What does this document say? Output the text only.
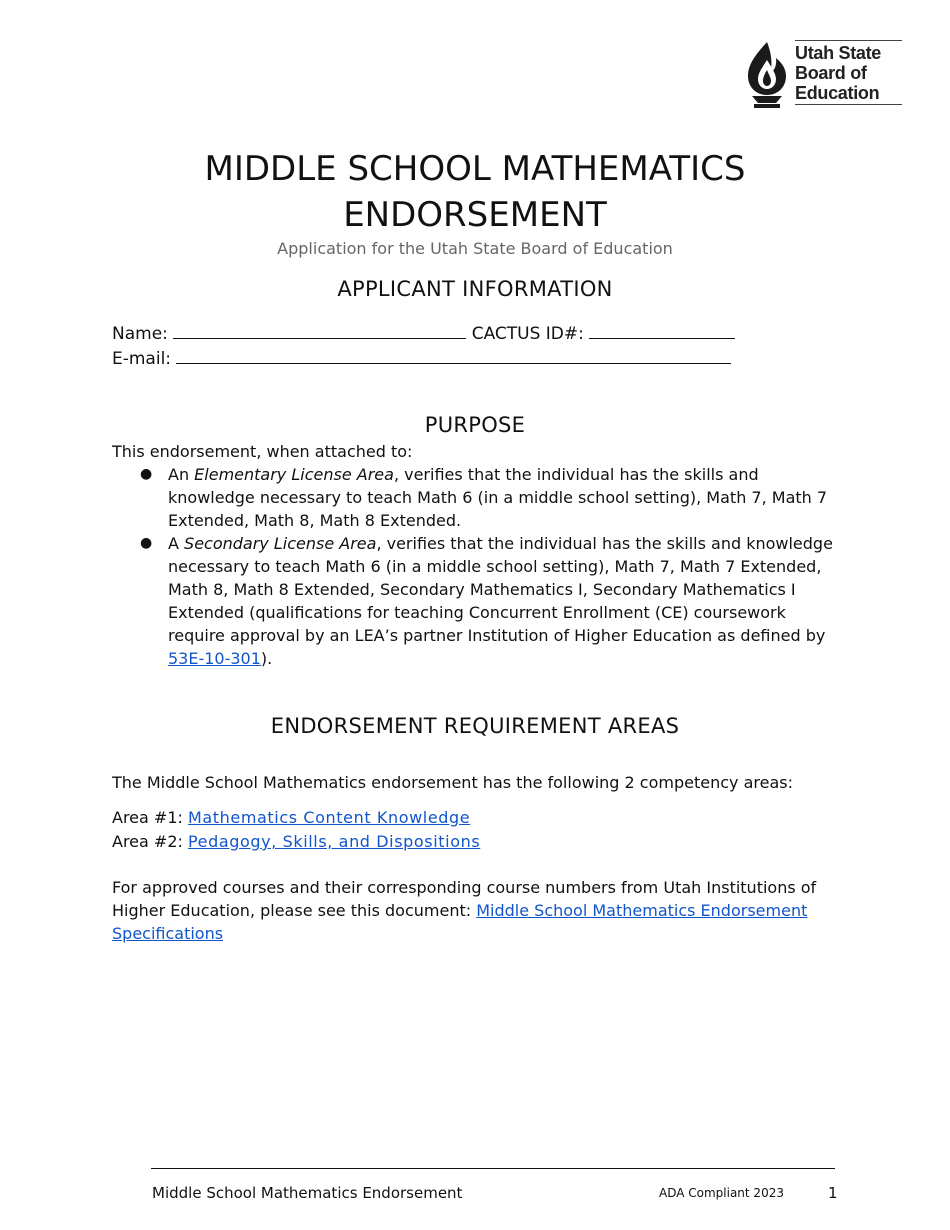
Utah State
Board of
Education
MIDDLE SCHOOL MATHEMATICS
ENDORSEMENT
Application for the Utah State Board of Education
APPLICANT INFORMATION
Name:	CACTUS ID#:
E-mail:
PURPOSE
This endorsement, when attached to:
● An Elementary License Area, verifies that the individual has the skills and knowledge necessary to teach Math 6 (in a middle school setting), Math 7, Math 7 Extended, Math 8, Math 8 Extended.
● A Secondary License Area, verifies that the individual has the skills and knowledge necessary to teach Math 6 (in a middle school setting), Math 7, Math 7 Extended, Math 8, Math 8 Extended, Secondary Mathematics I, Secondary Mathematics I Extended (qualifications for teaching Concurrent Enrollment (CE) coursework require approval by an LEA’s partner Institution of Higher Education as defined by 53E-10-301).
ENDORSEMENT REQUIREMENT AREAS
The Middle School Mathematics endorsement has the following 2 competency areas:
Area #1: Mathematics Content Knowledge
Area #2: Pedagogy, Skills, and Dispositions
For approved courses and their corresponding course numbers from Utah Institutions of Higher Education, please see this document: Middle School Mathematics Endorsement Specifications
Middle School Mathematics Endorsement	ADA Compliant 2023	1
